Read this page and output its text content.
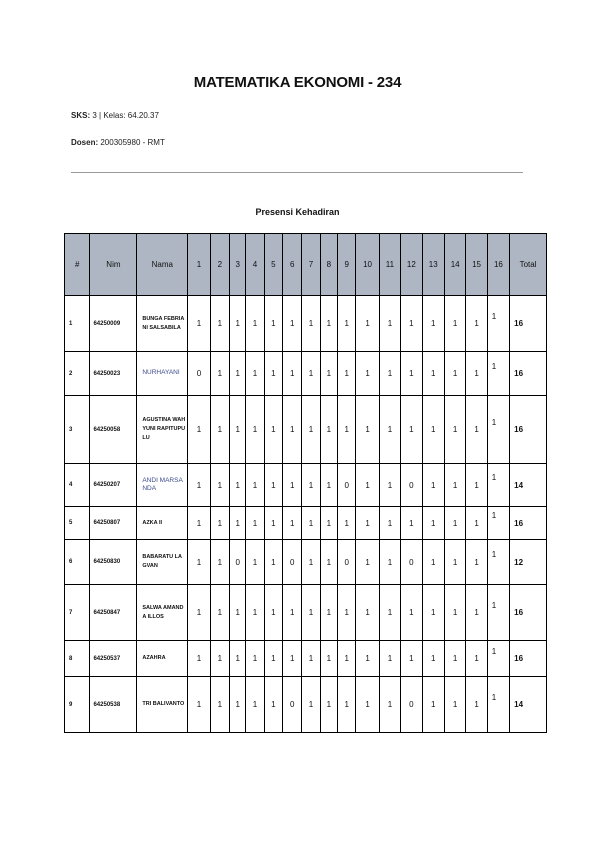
MATEMATIKA EKONOMI - 234
SKS: 3 | Kelas: 64.20.37
Dosen: 200305980 - RMT
Presensi Kehadiran
#	Nim	Nama	1	2	3	4	5	6	7	8	9	10	11	12	13	14	15	16	Total
1	64250009	BUNGA FEBRIANI SALSABILA	1	1	1	1	1	1	1	1	1	1	1	1	1	1	1	1	16
2	64250023	NURHAYANI	0	1	1	1	1	1	1	1	1	1	1	1	1	1	1	1	16
3	64250058	AGUSTINA WAHYUNI RAPITUPULU	1	1	1	1	1	1	1	1	1	1	1	1	1	1	1	1	16
4	64250207	ANDI MARSANDA	1	1	1	1	1	1	1	1	0	1	1	0	1	1	1	1	14
5	64250807	AZKA II	1	1	1	1	1	1	1	1	1	1	1	1	1	1	1	1	16
6	64250830	BABARATU LAGVAN	1	1	0	1	1	0	1	1	0	1	1	0	1	1	1	1	12
7	64250847	SALWA AMANDA ILLOS	1	1	1	1	1	1	1	1	1	1	1	1	1	1	1	1	16
8	64250537	AZAHRA	1	1	1	1	1	1	1	1	1	1	1	1	1	1	1	1	16
9	64250538	TRI BALIVANTO	1	1	1	1	1	0	1	1	1	1	1	0	1	1	1	1	14
